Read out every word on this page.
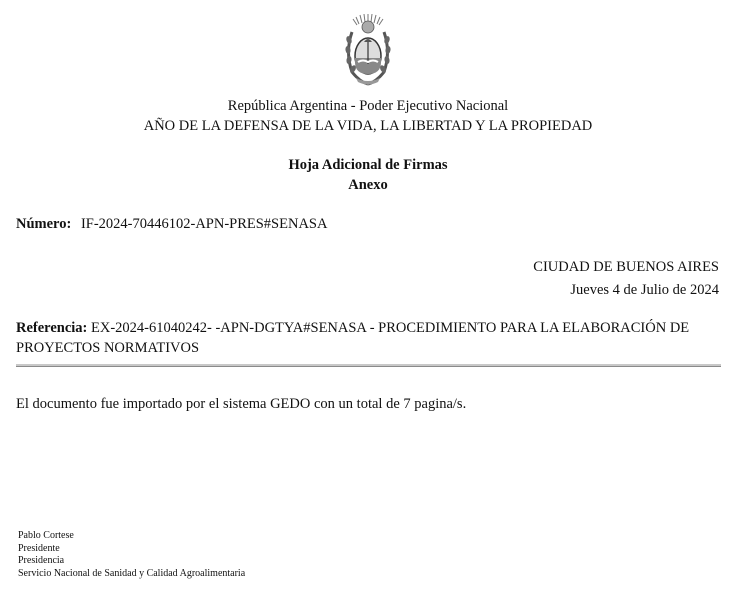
República Argentina - Poder Ejecutivo Nacional
AÑO DE LA DEFENSA DE LA VIDA, LA LIBERTAD Y LA PROPIEDAD
Hoja Adicional de Firmas
Anexo
Número: IF-2024-70446102-APN-PRES#SENASA
CIUDAD DE BUENOS AIRES
Jueves 4 de Julio de 2024
Referencia: EX-2024-61040242- -APN-DGTYA#SENASA - PROCEDIMIENTO PARA LA ELABORACIÓN DE PROYECTOS NORMATIVOS
El documento fue importado por el sistema GEDO con un total de 7 pagina/s.
Pablo Cortese
Presidente
Presidencia
Servicio Nacional de Sanidad y Calidad Agroalimentaria
